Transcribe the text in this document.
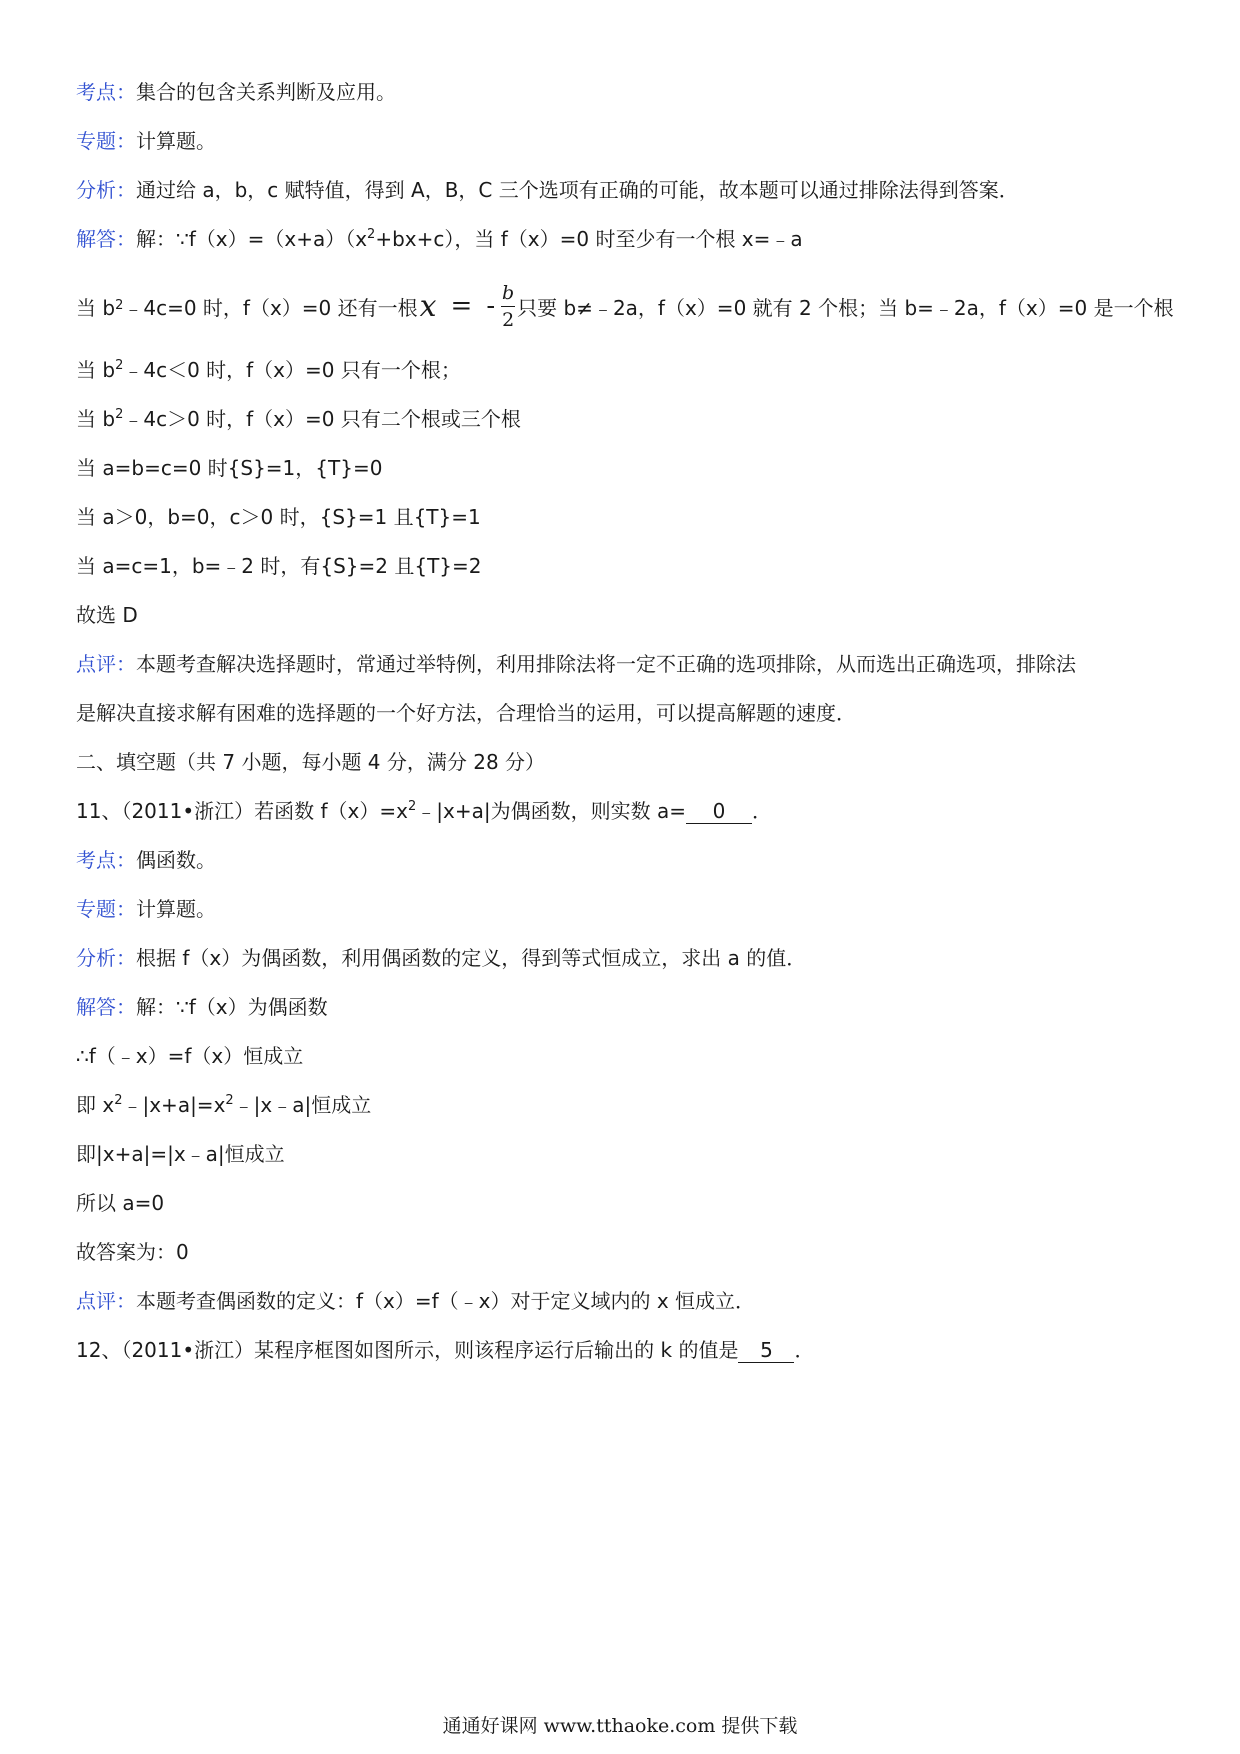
考点：集合的包含关系判断及应用。
专题：计算题。
分析：通过给 a，b，c 赋特值，得到 A，B，C 三个选项有正确的可能，故本题可以通过排除法得到答案．
解答：解：$\because f(x)=(x+a)(x^2+bx+c)$，当 f（x）=0 时至少有一个根 x=﹣a
当 b 2 ﹣4c=0 时，f（x）=0 还有一根 x = - $\frac{b}{2}$ 只要 b≠﹣2a，f（x）=0 就有 2 个根；当 b=﹣2a，f（x）=0 是一个根
当 $b^2﹣4c<0$ 时，f（x）=0 只有一个根；
当 $b^2﹣4c>0$ 时，f（x）=0 只有二个根或三个根
当 a=b=c=0 时{S}=1，{T}=0
当 a＞0，b=0，c＞0 时，{S}=1 且{T}=1
当 a=c=1，b=﹣2 时，有{S}=2 且{T}=2
故选 D
点评：本题考查解决选择题时，常通过举特例，利用排除法将一定不正确的选项排除，从而选出正确选项，排除法
是解决直接求解有困难的选择题的一个好方法，合理恰当的运用，可以提高解题的速度．
二、填空题（共 7 小题，每小题 4 分，满分 28 分）
11、（2011•浙江）若函数 $f(x)=x^2﹣|x+a|$为偶函数，则实数 a= 0 ．
考点：偶函数。
专题：计算题。
分析：根据 f（x）为偶函数，利用偶函数的定义，得到等式恒成立，求出 a 的值．
解答：解：∵f（x）为偶函数
∴f（﹣x）=f（x）恒成立
即 $x^2﹣|x+a|=x^2﹣|x﹣a|$恒成立
即|x+a|=|x﹣a|恒成立
所以 a=0
故答案为：0
点评：本题考查偶函数的定义：f（x）=f（﹣x）对于定义域内的 x 恒成立．
12、（2011•浙江）某程序框图如图所示，则该程序运行后输出的 k 的值是 5 ．
通通好课网 www.tthaoke.com 提供下载
